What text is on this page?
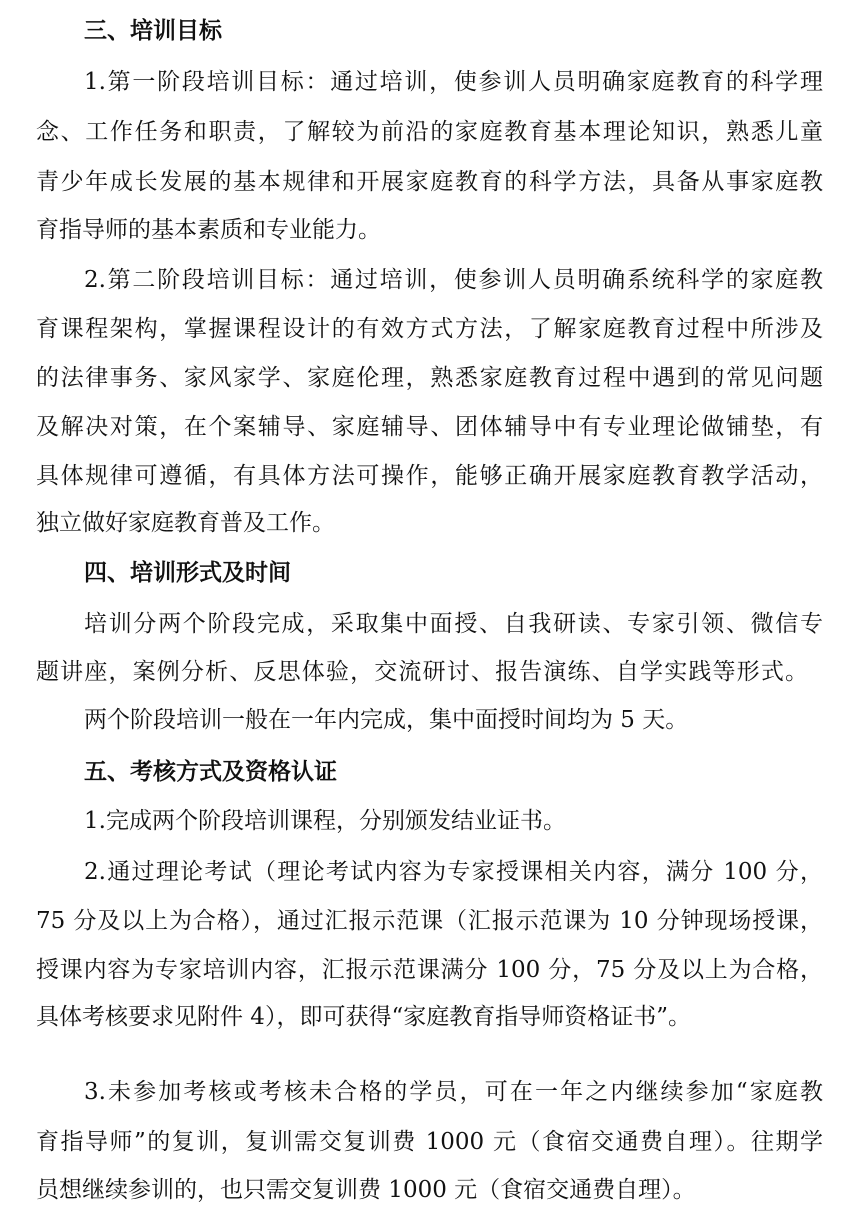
三、培训目标
1.第一阶段培训目标：通过培训，使参训人员明确家庭教育的科学理
念、工作任务和职责，了解较为前沿的家庭教育基本理论知识，熟悉儿童
青少年成长发展的基本规律和开展家庭教育的科学方法，具备从事家庭教
育指导师的基本素质和专业能力。
2.第二阶段培训目标：通过培训，使参训人员明确系统科学的家庭教
育课程架构，掌握课程设计的有效方式方法，了解家庭教育过程中所涉及
的法律事务、家风家学、家庭伦理，熟悉家庭教育过程中遇到的常见问题
及解决对策，在个案辅导、家庭辅导、团体辅导中有专业理论做铺垫，有
具体规律可遵循，有具体方法可操作，能够正确开展家庭教育教学活动，
独立做好家庭教育普及工作。
四、培训形式及时间
培训分两个阶段完成，采取集中面授、自我研读、专家引领、微信专
题讲座，案例分析、反思体验，交流研讨、报告演练、自学实践等形式。
两个阶段培训一般在一年内完成，集中面授时间均为 5 天。
五、考核方式及资格认证
1.完成两个阶段培训课程，分别颁发结业证书。
2.通过理论考试（理论考试内容为专家授课相关内容，满分 100 分，
75 分及以上为合格），通过汇报示范课（汇报示范课为 10 分钟现场授课，
授课内容为专家培训内容，汇报示范课满分 100 分，75 分及以上为合格，
具体考核要求见附件 4），即可获得“家庭教育指导师资格证书”。
3.未参加考核或考核未合格的学员，可在一年之内继续参加“家庭教
育指导师”的复训，复训需交复训费 1000 元（食宿交通费自理）。往期学
员想继续参训的，也只需交复训费 1000 元（食宿交通费自理）。
